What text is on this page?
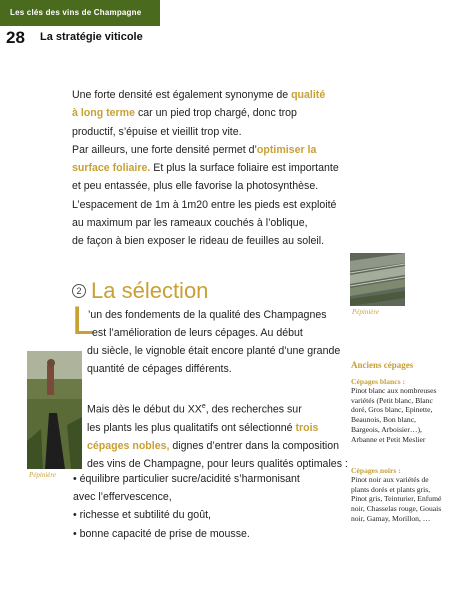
Les clés des vins de Champagne
28 La stratégie viticole
Une forte densité est également synonyme de qualité
à long terme car un pied trop chargé, donc trop
productif, s’épuise et vieillit trop vite.
Par ailleurs, une forte densité permet d’optimiser la
surface foliaire. Et plus la surface foliaire est importante
et peu entassée, plus elle favorise la photosynthèse.
L’espacement de 1m à 1m20 entre les pieds est exploité
au maximum par les rameaux couchés à l’oblique,
de façon à bien exposer le rideau de feuilles au soleil.
Pépinière
2 La sélection
L
’un des fondements de la qualité des Champagnes
est l’amélioration de leurs cépages. Au début
du siècle, le vignoble était encore planté d’une grande
quantité de cépages différents.
Pépinière
Mais dès le début du XXe, des recherches sur
les plants les plus qualitatifs ont sélectionné trois
cépages nobles, dignes d’entrer dans la composition
des vins de Champagne, pour leurs qualités optimales :
• équilibre particulier sucre/acidité s’harmonisant
avec l’effervescence,
• richesse et subtilité du goût,
• bonne capacité de prise de mousse.
Anciens cépages
Cépages blancs :
Pinot blanc aux nombreuses variétés (Petit blanc, Blanc doré, Gros blanc, Epinette, Beaunois, Bon blanc, Bargeois, Arboisier…), Arbanne et Petit Meslier
Cépages noirs :
Pinot noir aux variétés de plants dorés et plants gris, Pinot gris, Teinturier, Enfumé noir, Chasselas rouge, Gouais noir, Gamay, Morillon, …
